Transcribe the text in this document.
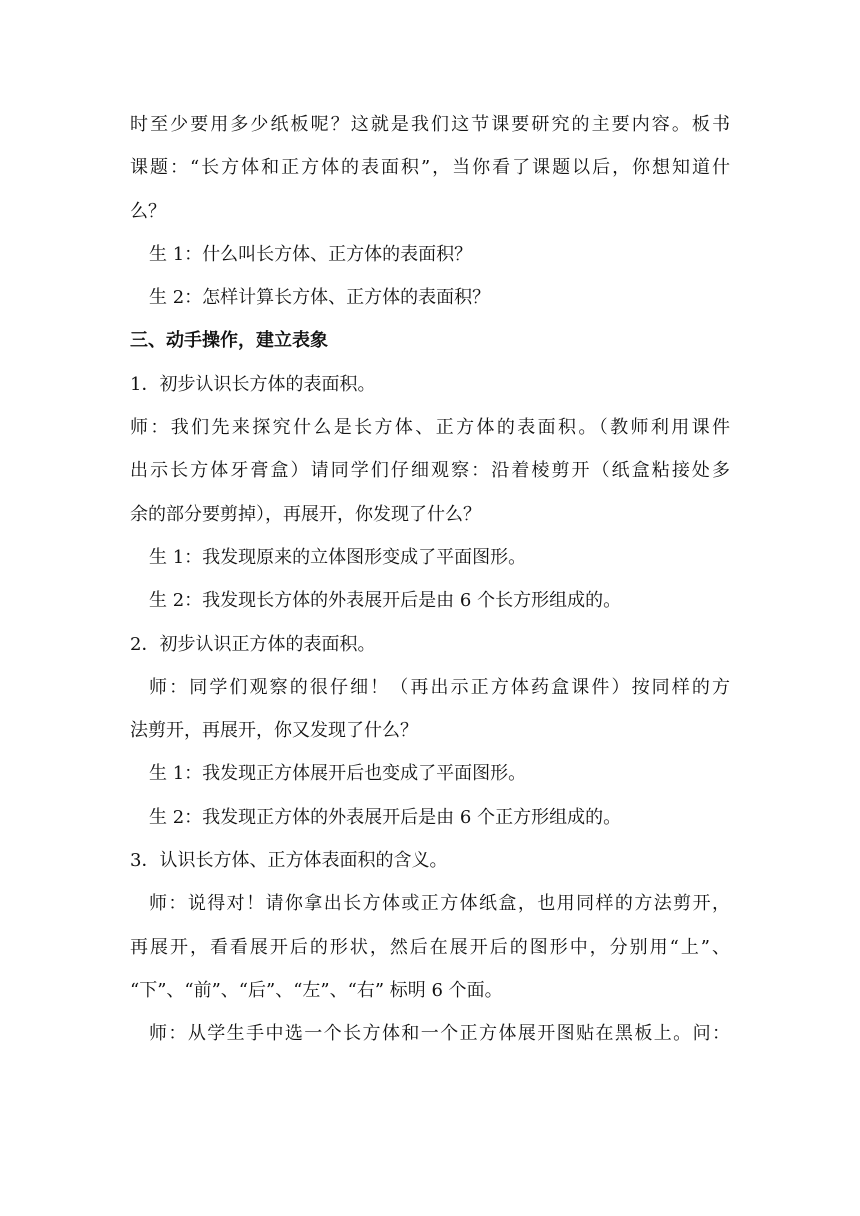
时至少要用多少纸板呢？这就是我们这节课要研究的主要内容。板书
课题：“长方体和正方体的表面积”，当你看了课题以后，你想知道什
么？
生 1：什么叫长方体、正方体的表面积？
生 2：怎样计算长方体、正方体的表面积？
三、动手操作，建立表象
1．初步认识长方体的表面积。
师：我们先来探究什么是长方体、正方体的表面积。（教师利用课件
出示长方体牙膏盒）请同学们仔细观察：沿着棱剪开（纸盒粘接处多
余的部分要剪掉），再展开，你发现了什么？
生 1：我发现原来的立体图形变成了平面图形。
生 2：我发现长方体的外表展开后是由 6 个长方形组成的。
2．初步认识正方体的表面积。
师：同学们观察的很仔细！（再出示正方体药盒课件）按同样的方
法剪开，再展开，你又发现了什么？
生 1：我发现正方体展开后也变成了平面图形。
生 2：我发现正方体的外表展开后是由 6 个正方形组成的。
3．认识长方体、正方体表面积的含义。
师：说得对！请你拿出长方体或正方体纸盒，也用同样的方法剪开，
再展开，看看展开后的形状，然后在展开后的图形中，分别用“上”、
“下”、“前”、“后”、“左”、“右” 标明 6 个面。
师：从学生手中选一个长方体和一个正方体展开图贴在黑板上。问：
